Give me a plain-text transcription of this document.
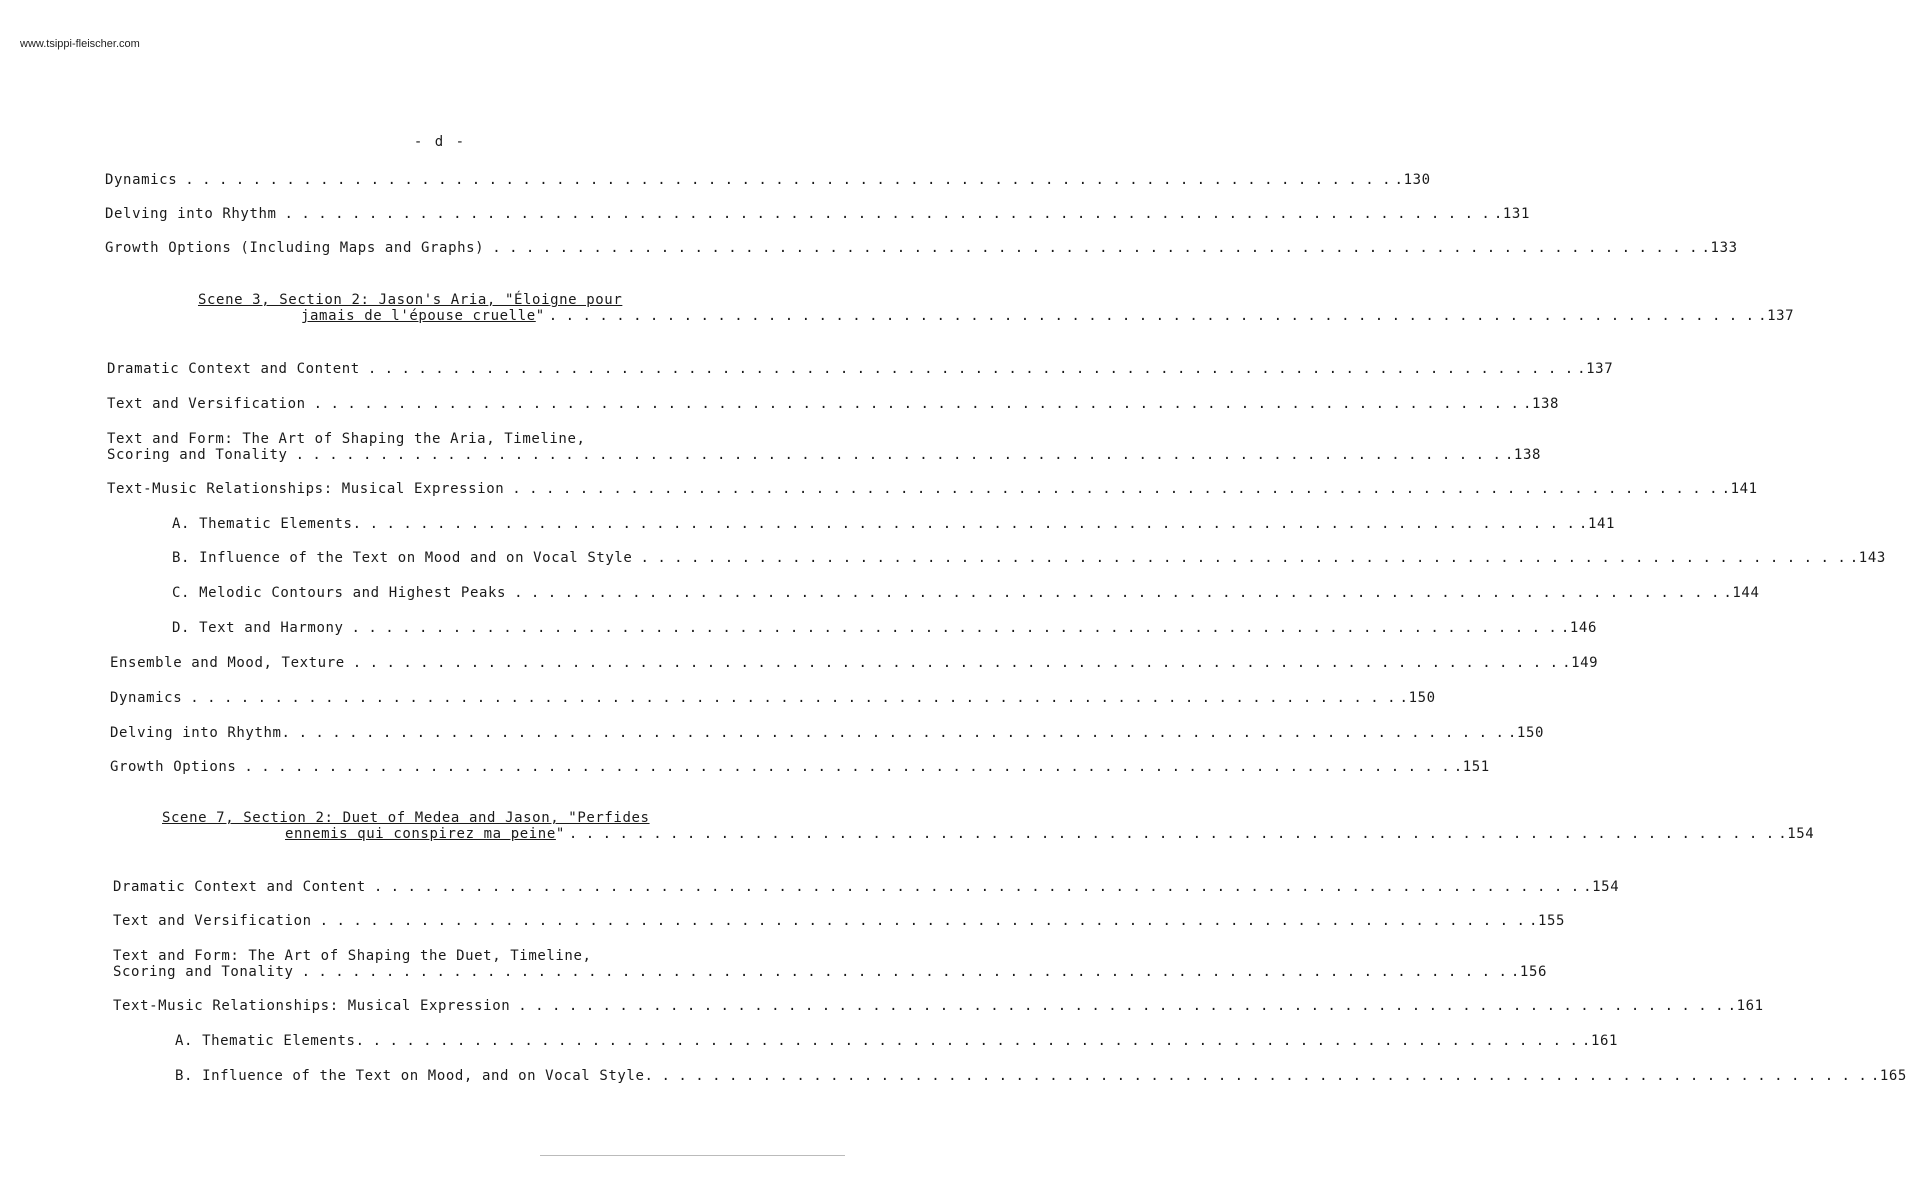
www.tsippi-fleischer.com
- d -
Dynamics . . . . . . . . . . . . . . . . . . . . . . . . . . . . . . . . . . . . . . . . . . . . . . . . . . . . . . . . . . . . . . . . . . . . . . . . .130
Delving into Rhythm . . . . . . . . . . . . . . . . . . . . . . . . . . . . . . . . . . . . . . . . . . . . . . . . . . . . . . . . . . . . . . . . . . . . . . . . .131
Growth Options (Including Maps and Graphs) . . . . . . . . . . . . . . . . . . . . . . . . . . . . . . . . . . . . . . . . . . . . . . . . . . . . . . . . . . . . . . . . . . . . . . . . .133
Scene 3, Section 2: Jason's Aria, "Éloigne pour
jamais de l'épouse cruelle " . . . . . . . . . . . . . . . . . . . . . . . . . . . . . . . . . . . . . . . . . . . . . . . . . . . . . . . . . . . . . . . . . . . . . . . . .137
Dramatic Context and Content . . . . . . . . . . . . . . . . . . . . . . . . . . . . . . . . . . . . . . . . . . . . . . . . . . . . . . . . . . . . . . . . . . . . . . . . .137
Text and Versification . . . . . . . . . . . . . . . . . . . . . . . . . . . . . . . . . . . . . . . . . . . . . . . . . . . . . . . . . . . . . . . . . . . . . . . . .138
Text and Form: The Art of Shaping the Aria, Timeline,
Scoring and Tonality . . . . . . . . . . . . . . . . . . . . . . . . . . . . . . . . . . . . . . . . . . . . . . . . . . . . . . . . . . . . . . . . . . . . . . . . .138
Text-Music Relationships: Musical Expression . . . . . . . . . . . . . . . . . . . . . . . . . . . . . . . . . . . . . . . . . . . . . . . . . . . . . . . . . . . . . . . . . . . . . . . . .141
A. Thematic Elements. . . . . . . . . . . . . . . . . . . . . . . . . . . . . . . . . . . . . . . . . . . . . . . . . . . . . . . . . . . . . . . . . . . . . . . . . .141
B. Influence of the Text on Mood and on Vocal Style . . . . . . . . . . . . . . . . . . . . . . . . . . . . . . . . . . . . . . . . . . . . . . . . . . . . . . . . . . . . . . . . . . . . . . . . .143
C. Melodic Contours and Highest Peaks . . . . . . . . . . . . . . . . . . . . . . . . . . . . . . . . . . . . . . . . . . . . . . . . . . . . . . . . . . . . . . . . . . . . . . . . .144
D. Text and Harmony . . . . . . . . . . . . . . . . . . . . . . . . . . . . . . . . . . . . . . . . . . . . . . . . . . . . . . . . . . . . . . . . . . . . . . . . .146
Ensemble and Mood, Texture . . . . . . . . . . . . . . . . . . . . . . . . . . . . . . . . . . . . . . . . . . . . . . . . . . . . . . . . . . . . . . . . . . . . . . . . .149
Dynamics . . . . . . . . . . . . . . . . . . . . . . . . . . . . . . . . . . . . . . . . . . . . . . . . . . . . . . . . . . . . . . . . . . . . . . . . .150
Delving into Rhythm. . . . . . . . . . . . . . . . . . . . . . . . . . . . . . . . . . . . . . . . . . . . . . . . . . . . . . . . . . . . . . . . . . . . . . . . . .150
Growth Options . . . . . . . . . . . . . . . . . . . . . . . . . . . . . . . . . . . . . . . . . . . . . . . . . . . . . . . . . . . . . . . . . . . . . . . . .151
Scene 7, Section 2: Duet of Medea and Jason, "Perfides
ennemis qui conspirez ma peine " . . . . . . . . . . . . . . . . . . . . . . . . . . . . . . . . . . . . . . . . . . . . . . . . . . . . . . . . . . . . . . . . . . . . . . . . .154
Dramatic Context and Content . . . . . . . . . . . . . . . . . . . . . . . . . . . . . . . . . . . . . . . . . . . . . . . . . . . . . . . . . . . . . . . . . . . . . . . . .154
Text and Versification . . . . . . . . . . . . . . . . . . . . . . . . . . . . . . . . . . . . . . . . . . . . . . . . . . . . . . . . . . . . . . . . . . . . . . . . .155
Text and Form: The Art of Shaping the Duet, Timeline,
Scoring and Tonality . . . . . . . . . . . . . . . . . . . . . . . . . . . . . . . . . . . . . . . . . . . . . . . . . . . . . . . . . . . . . . . . . . . . . . . . .156
Text-Music Relationships: Musical Expression . . . . . . . . . . . . . . . . . . . . . . . . . . . . . . . . . . . . . . . . . . . . . . . . . . . . . . . . . . . . . . . . . . . . . . . . .161
A. Thematic Elements. . . . . . . . . . . . . . . . . . . . . . . . . . . . . . . . . . . . . . . . . . . . . . . . . . . . . . . . . . . . . . . . . . . . . . . . . .161
B. Influence of the Text on Mood, and on Vocal Style. . . . . . . . . . . . . . . . . . . . . . . . . . . . . . . . . . . . . . . . . . . . . . . . . . . . . . . . . . . . . . . . . . . . . . . . . .165
